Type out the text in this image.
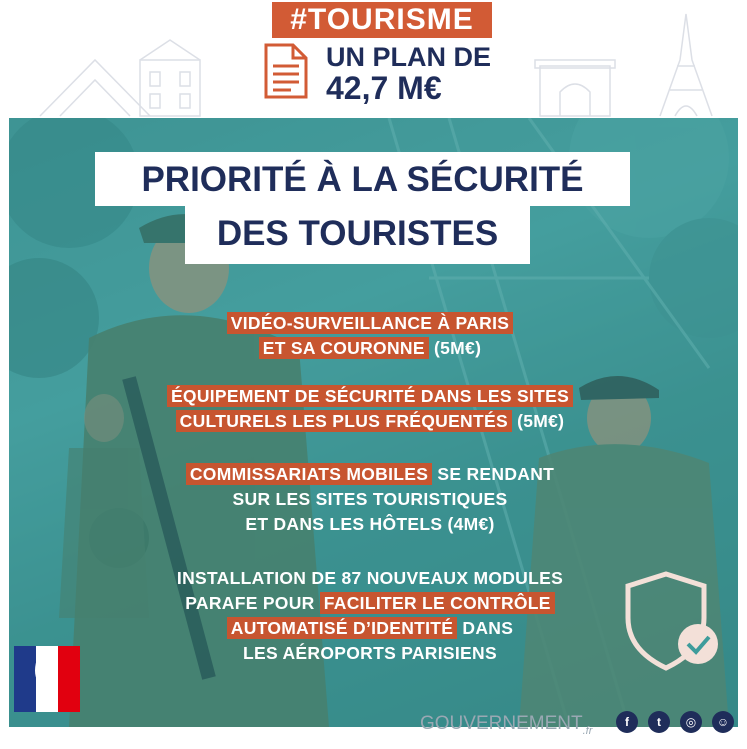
#TOURISME
UN PLAN DE
42,7 M€
PRIORITÉ À LA SÉCURITÉ
DES TOURISTES
VIDÉO-SURVEILLANCE À PARIS
ET SA COURONNE (5M€)
ÉQUIPEMENT DE SÉCURITÉ DANS LES SITES
CULTURELS LES PLUS FRÉQUENTÉS (5M€)
COMMISSARIATS MOBILES SE RENDANT
SUR LES SITES TOURISTIQUES
ET DANS LES HÔTELS (4M€)
INSTALLATION DE 87 NOUVEAUX MODULES
PARAFE POUR FACILITER LE CONTRÔLE
AUTOMATISÉ D’IDENTITÉ DANS
LES AÉROPORTS PARISIENS
$GOUVERNEMENT_{.fr}$
f	t	◎	☺
